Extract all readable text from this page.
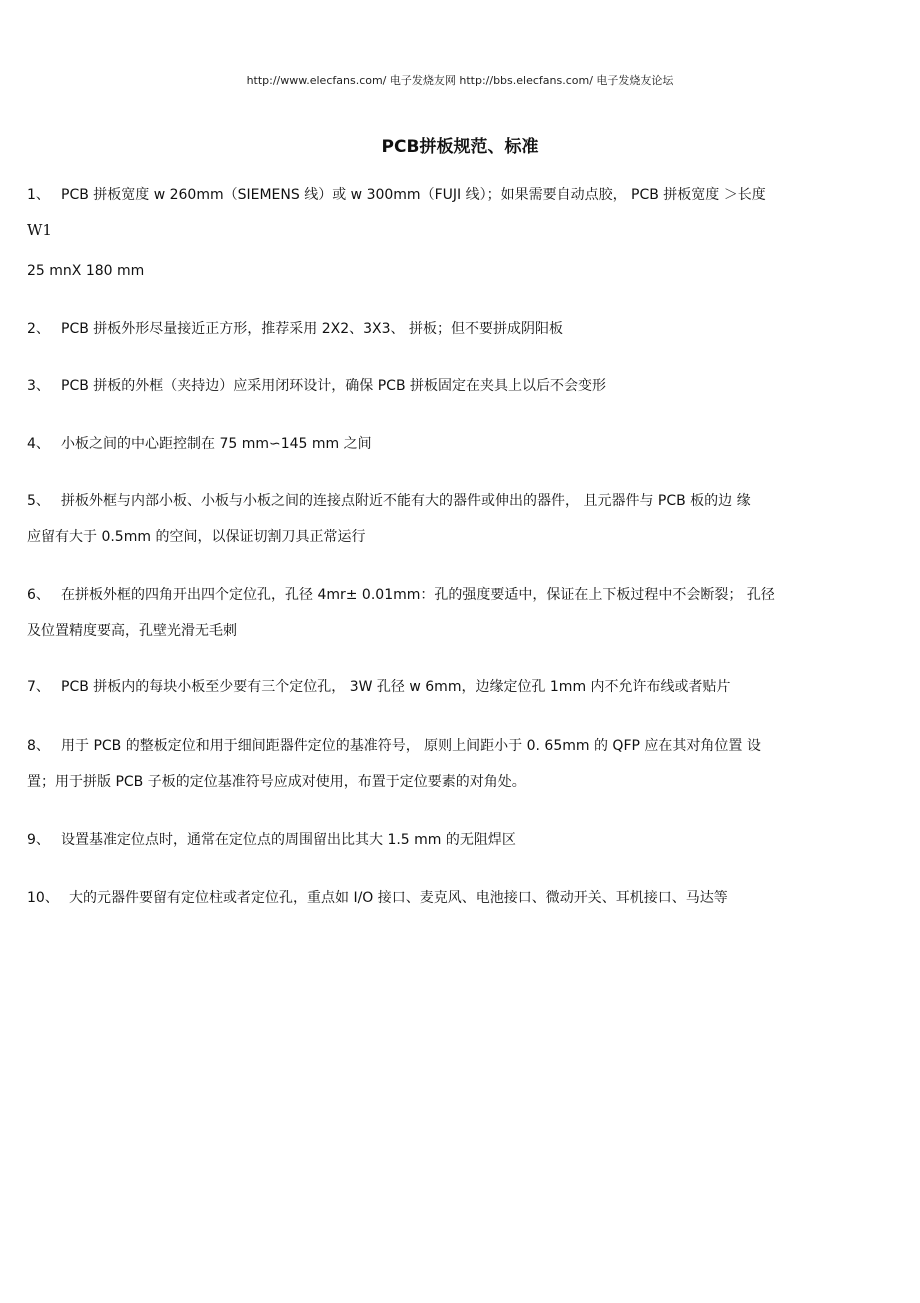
http://www.elecfans.com/ 电子发烧友网 http://bbs.elecfans.com/ 电子发烧友论坛
PCB拼板规范、标准
1、 PCB 拼板宽度 w 260mm（SIEMENS 线）或 w 300mm（FUJI 线）；如果需要自动点胶， PCB 拼板宽度 ＞长度
W1
25 mnX 180 mm
2、 PCB 拼板外形尽量接近正方形，推荐采用 2X2、3X3、 拼板；但不要拼成阴阳板
3、 PCB 拼板的外框（夹持边）应采用闭环设计，确保 PCB 拼板固定在夹具上以后不会变形
4、 小板之间的中心距控制在 75 mm∽145 mm 之间
5、 拼板外框与内部小板、小板与小板之间的连接点附近不能有大的器件或伸出的器件， 且元器件与 PCB 板的边 缘
应留有大于 0.5mm 的空间，以保证切割刀具正常运行
6、 在拼板外框的四角开出四个定位孔，孔径 4mr± 0.01mm：孔的强度要适中，保证在上下板过程中不会断裂； 孔径
及位置精度要高，孔壁光滑无毛刺
7、 PCB 拼板内的每块小板至少要有三个定位孔， 3W 孔径 w 6mm，边缘定位孔 1mm 内不允许布线或者贴片
8、 用于 PCB 的整板定位和用于细间距器件定位的基准符号， 原则上间距小于 0. 65mm 的 QFP 应在其对角位置 设
置；用于拼版 PCB 子板的定位基准符号应成对使用，布置于定位要素的对角处。
9、 设置基准定位点时，通常在定位点的周围留出比其大 1.5 mm 的无阻焊区
10、 大的元器件要留有定位柱或者定位孔，重点如 I/O 接口、麦克风、电池接口、微动开关、耳机接口、马达等
